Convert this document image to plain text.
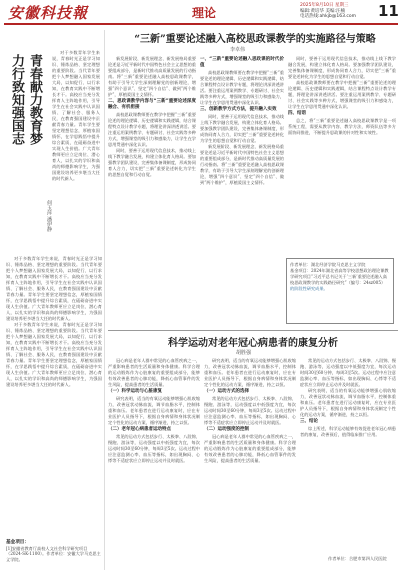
安徽科技報	理论
2025年8月10日 星期三
编辑:黄培华 美编:汪楠
电话热线:ahkjb@163.com	11
力行致知强国志 青春献力教育梦
何玉萍 潘伊静

对于多数青年学生来说，青春时光正是学习知识、锤炼品格、坚定理想的重要阶段。当代青年要把个人梦想融入国家发展大局，以知促行、以行求知，在教育实践中不断增长才干。高校应当充分发挥育人主阵地作用，引导学生在社会实践中认识国情、了解社会、服务人民，在教育强国建设中贡献青春力量。青年学生要坚定理想信念，厚植家国情怀，在学思践悟中提升综合素质，在砥砺奋进中实现人生价值。广大青年教师更应立足岗位、潜心育人，以扎实的学识和高尚的师德影响学生，为强国建设培养更多堪当大任的时代新人。

对于多数青年学生来说，青春时光正是学习知识、锤炼品格、坚定理想的重要阶段。当代青年要把个人梦想融入国家发展大局，以知促行、以行求知，在教育实践中不断增长才干。高校应当充分发挥育人主阵地作用，引导学生在社会实践中认识国情、了解社会、服务人民，在教育强国建设中贡献青春力量。青年学生要坚定理想信念，厚植家国情怀，在学思践悟中提升综合素质，在砥砺奋进中实现人生价值。广大青年教师更应立足岗位、潜心育人，以扎实的学识和高尚的师德影响学生，为强国建设培养更多堪当大任的时代新人。

对于多数青年学生来说，青春时光正是学习知识、锤炼品格、坚定理想的重要阶段。当代青年要把个人梦想融入国家发展大局，以知促行、以行求知，在教育实践中不断增长才干。高校应当充分发挥育人主阵地作用，引导学生在社会实践中认识国情、了解社会、服务人民，在教育强国建设中贡献青春力量。青年学生要坚定理想信念，厚植家国情怀，在学思践悟中提升综合素质，在砥砺奋进中实现人生价值。广大青年教师更应立足岗位、潜心育人，以扎实的学识和高尚的师德影响学生，为强国建设培养更多堪当大任的时代新人。

基金项目：
[1]安徽省教育厅高校人文社会科学研究项目（2024-SK-1100）。作者单位：安徽大学马克思主义学院。
“三新”重要论述融入高校思政课教学的实施路径与策略
李卓伟

新发展阶段、新发展理念、新发展格局重要论述是习近平新时代中国特色社会主义思想的重要组成部分，是新时代推动高质量发展的行动指南。将“三新”重要论述融入高校思政课教学，有助于引导大学生深刻理解党的创新理论，增强“四个意识”、坚定“四个自信”、做到“两个维护”，厚植爱国主义情怀。

二、思政课教学内容与“三新”重要论述深度融合、有机衔接

高校思政课教师要在教学中把握“三新”重要论述的理论逻辑、历史逻辑和实践逻辑，结合课程特点设计教学专题，将理论讲深讲透讲活。要注重运用案例教学、专题研讨、社会实践等多种方式，增强课堂的吸引力和感染力，让学生在学思用贯通中深化认识。

同时，要善于运用现代信息技术，推动线上线下教学融合发展，构建立体化育人格局。要加强教学团队建设，完善集体备课制度，形成协同育人合力，切实把“三新”重要论述转化为学生的思想自觉和行动自觉。

一、“三新”重要论述融入思政课的时代价值

高校思政课教师要在教学中把握“三新”重要论述的理论逻辑、历史逻辑和实践逻辑，结合课程特点设计教学专题，将理论讲深讲透讲活。要注重运用案例教学、专题研讨、社会实践等多种方式，增强课堂的吸引力和感染力，让学生在学思用贯通中深化认识。

三、创新教学方式方法，提升融入实效

同时，要善于运用现代信息技术，推动线上线下教学融合发展，构建立体化育人格局。要加强教学团队建设，完善集体备课制度，形成协同育人合力，切实把“三新”重要论述转化为学生的思想自觉和行动自觉。

新发展阶段、新发展理念、新发展格局重要论述是习近平新时代中国特色社会主义思想的重要组成部分，是新时代推动高质量发展的行动指南。将“三新”重要论述融入高校思政课教学，有助于引导大学生深刻理解党的创新理论，增强“四个意识”、坚定“四个自信”、做到“两个维护”，厚植爱国主义情怀。

同时，要善于运用现代信息技术，推动线上线下教学融合发展，构建立体化育人格局。要加强教学团队建设，完善集体备课制度，形成协同育人合力，切实把“三新”重要论述转化为学生的思想自觉和行动自觉。

高校思政课教师要在教学中把握“三新”重要论述的理论逻辑、历史逻辑和实践逻辑，结合课程特点设计教学专题，将理论讲深讲透讲活。要注重运用案例教学、专题研讨、社会实践等多种方式，增强课堂的吸引力和感染力，让学生在学思用贯通中深化认识。

四、结语

总之，将“三新”重要论述融入高校思政课教学是一项系统工程，需要从教学内容、教学方法、师资队伍等多方面协同推进，不断提升思政课的针对性和实效性。

作者单位：湖北经济学院马克思主义学院
基金项目：2024年湖北省高等学校思想政治理论课教学研究项目“习近平总书记关于‘三新’重要论述融入高校思政课教学的实践路径研究”（编号：24sz005）
的阶段性研究成果。
科学运动对老年冠心病患者的康复分析
胡胜强

冠心病是老年人群中常见的心血管疾病之一，严重影响患者的生活质量和身体健康。科学合理的运动锻炼作为心脏康复的重要组成部分，能够有效改善患者的心肺功能，降低心血管事件的发生风险，提高患者的生活质量。

（一）科学运动与心脏康复

研究表明，适当的有氧运动能够增强心肌收缩力，改善冠状动脉血流，调节血脂水平，控制体重和血压。老年患者在进行运动康复时，应在专业医护人员指导下，根据自身病情和身体状况制定个性化的运动方案，循序渐进，持之以恒。

（二）老年冠心病患者运动特点

常见的运动方式包括步行、太极拳、八段锦、慢跑、游泳等，运动强度以中低强度为宜，每次运动时间30至60分钟，每周3至5次。运动过程中应注意监测心率、血压等指标，如出现胸闷、心悸等不适症状应立即停止运动并及时就医。

研究表明，适当的有氧运动能够增强心肌收缩力，改善冠状动脉血流，调节血脂水平，控制体重和血压。老年患者在进行运动康复时，应在专业医护人员指导下，根据自身病情和身体状况制定个性化的运动方案，循序渐进，持之以恒。

（一）运动方式的选择

常见的运动方式包括步行、太极拳、八段锦、慢跑、游泳等，运动强度以中低强度为宜，每次运动时间30至60分钟，每周3至5次。运动过程中应注意监测心率、血压等指标，如出现胸闷、心悸等不适症状应立即停止运动并及时就医。

（二）运动强度的控制

冠心病是老年人群中常见的心血管疾病之一，严重影响患者的生活质量和身体健康。科学合理的运动锻炼作为心脏康复的重要组成部分，能够有效改善患者的心肺功能，降低心血管事件的发生风险，提高患者的生活质量。

常见的运动方式包括步行、太极拳、八段锦、慢跑、游泳等，运动强度以中低强度为宜，每次运动时间30至60分钟，每周3至5次。运动过程中应注意监测心率、血压等指标，如出现胸闷、心悸等不适症状应立即停止运动并及时就医。

研究表明，适当的有氧运动能够增强心肌收缩力，改善冠状动脉血流，调节血脂水平，控制体重和血压。老年患者在进行运动康复时，应在专业医护人员指导下，根据自身病情和身体状况制定个性化的运动方案，循序渐进，持之以恒。

三、结论

综上所述，科学运动能够有效促进老年冠心病患者的康复，改善预后，值得临床推广应用。

作者单位：合肥市第四人民医院
